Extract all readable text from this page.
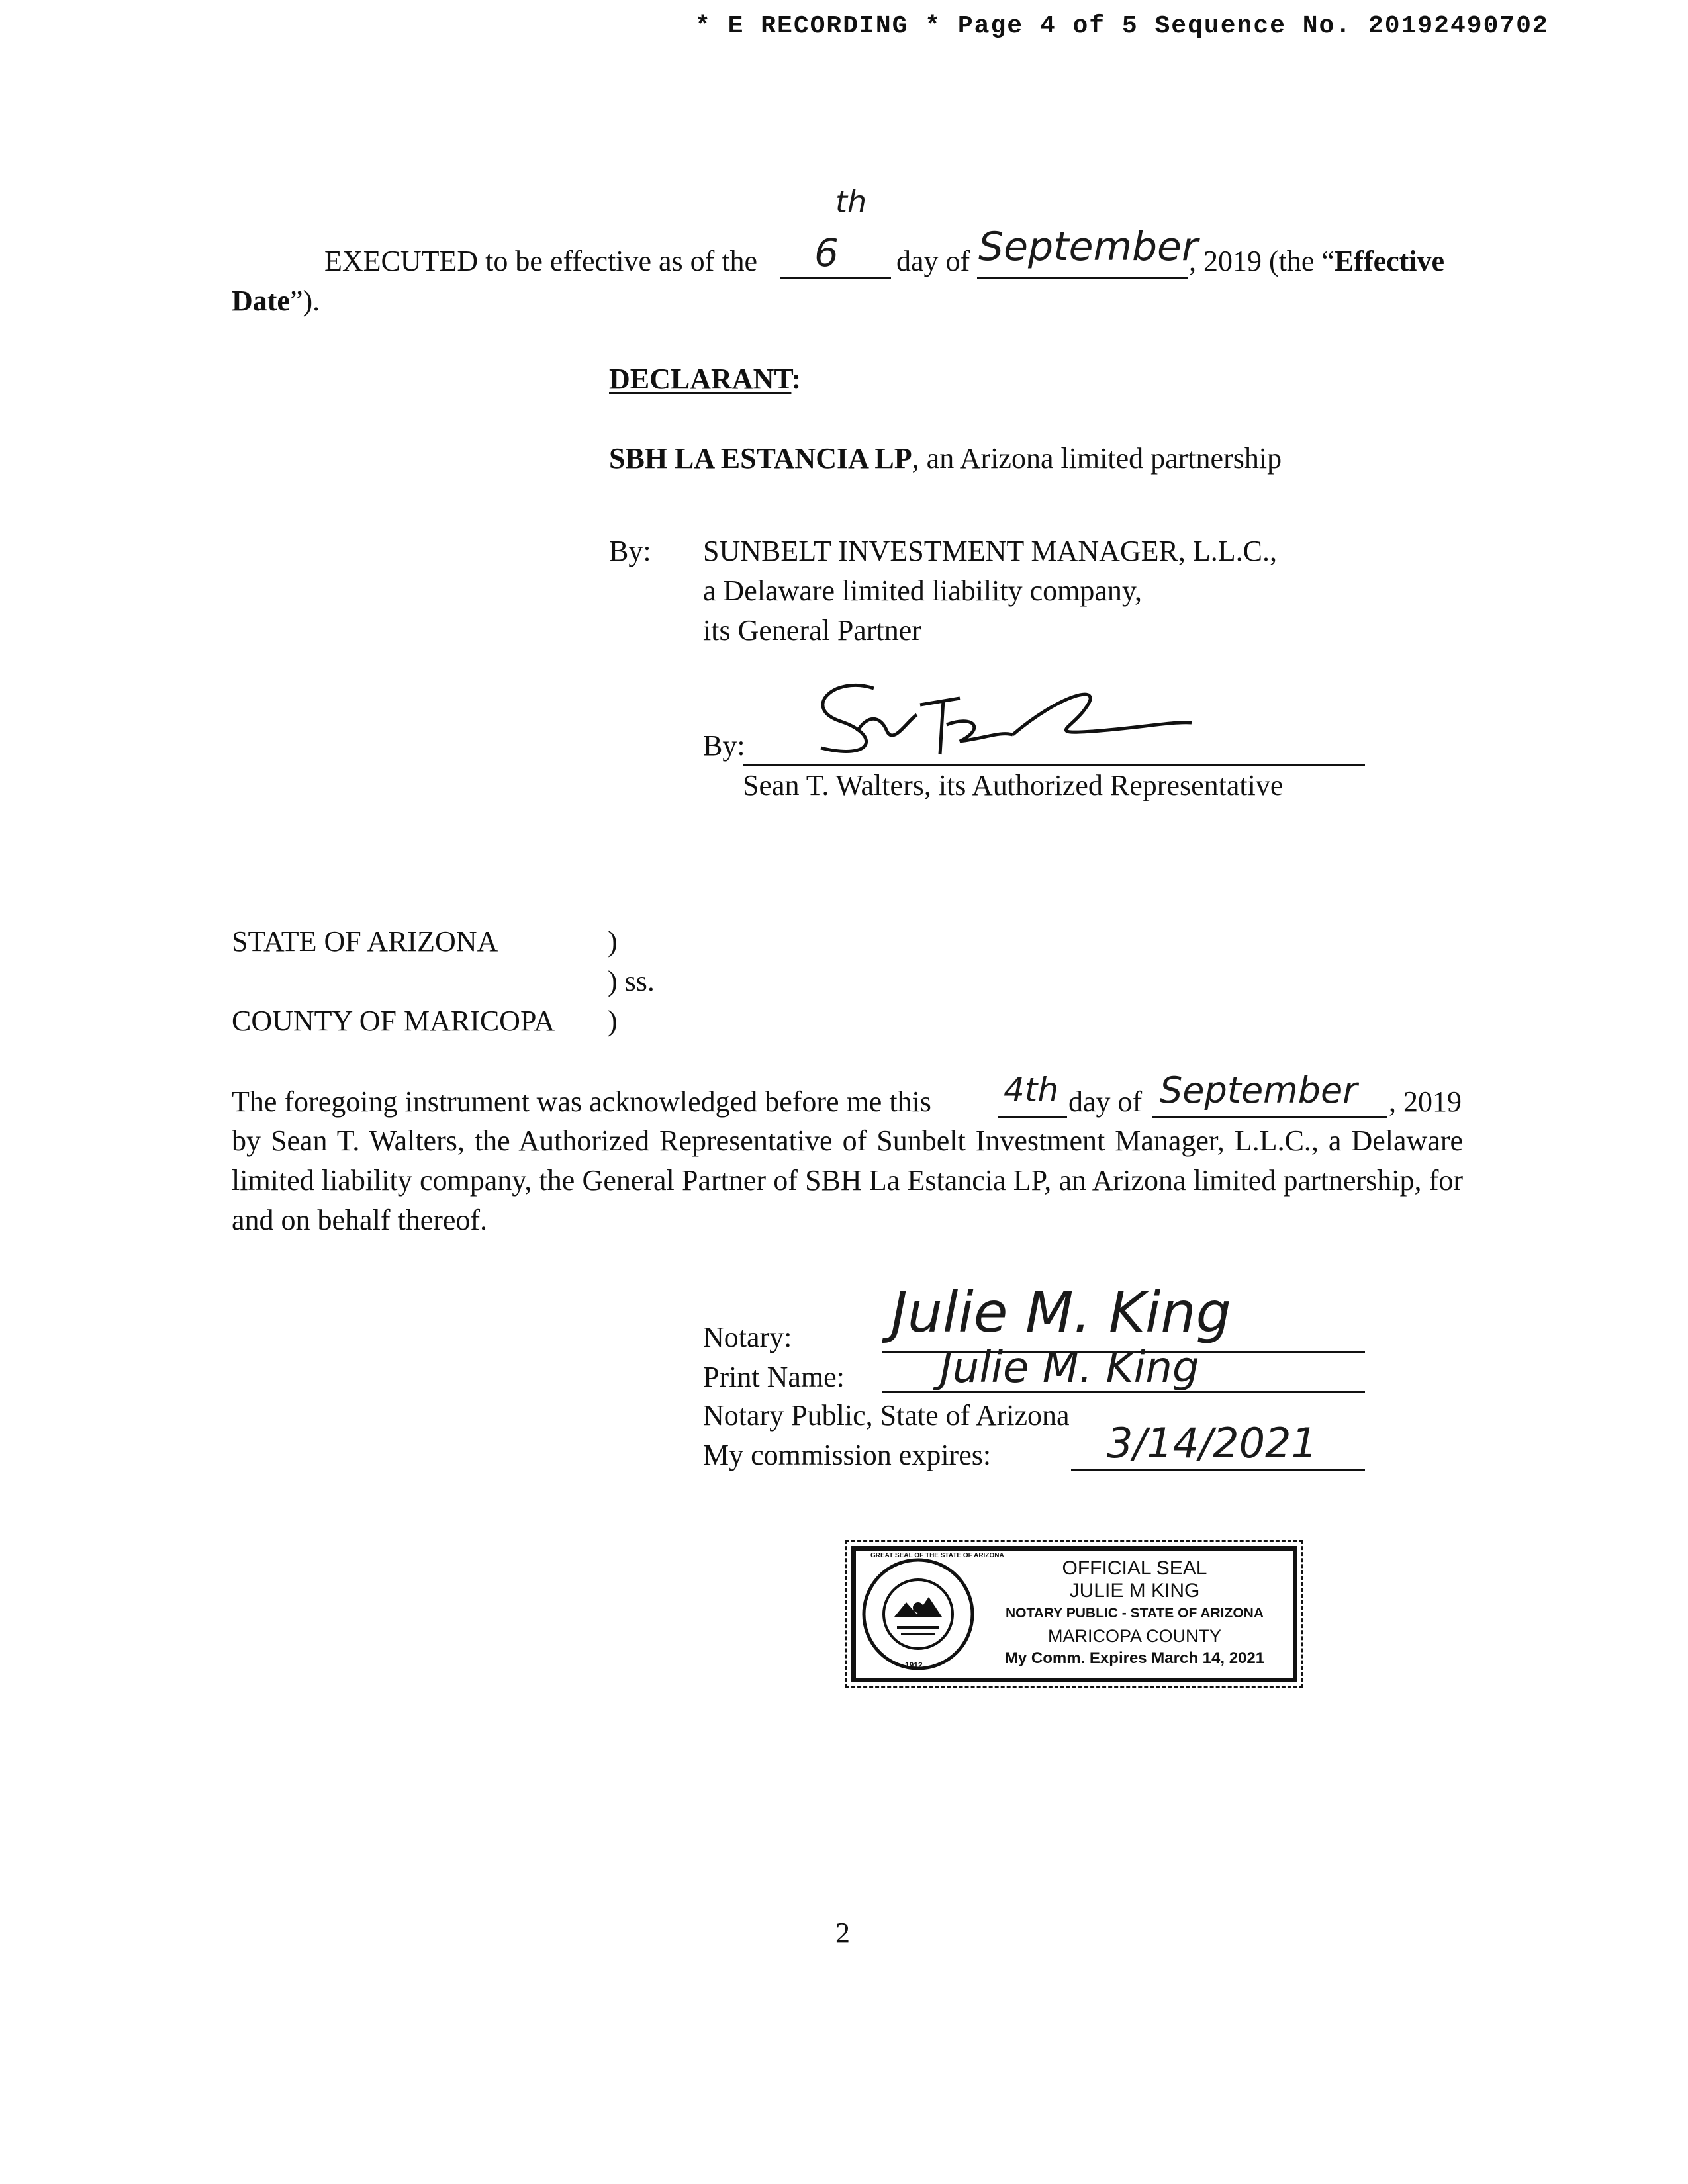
* E RECORDING * Page 4 of 5 Sequence No. 20192490702
EXECUTED to be effective as of the 6
th
day of September
, 2019 (the “Effective
Date”).
DECLARANT:
SBH LA ESTANCIA LP, an Arizona limited partnership
By: SUNBELT INVESTMENT MANAGER, L.L.C.,
a Delaware limited liability company,
its General Partner
By:
Sean T. Walters, its Authorized Representative
STATE OF ARIZONA	)
) ss.
COUNTY OF MARICOPA )
The foregoing instrument was acknowledged before me this 4th day of September , 2019
by Sean T. Walters, the Authorized Representative of Sunbelt Investment Manager, L.L.C., a Delaware limited liability company, the General Partner of SBH La Estancia LP, an Arizona limited partnership, for and on behalf thereof.
Notary: Julie M. King
Print Name: Julie M. King
Notary Public, State of Arizona
My commission expires:	3/14/2021
GREAT SEAL OF THE STATE OF ARIZONA
1912
OFFICIAL SEAL
JULIE M KING
NOTARY PUBLIC - STATE OF ARIZONA
MARICOPA COUNTY
My Comm. Expires March 14, 2021
2
